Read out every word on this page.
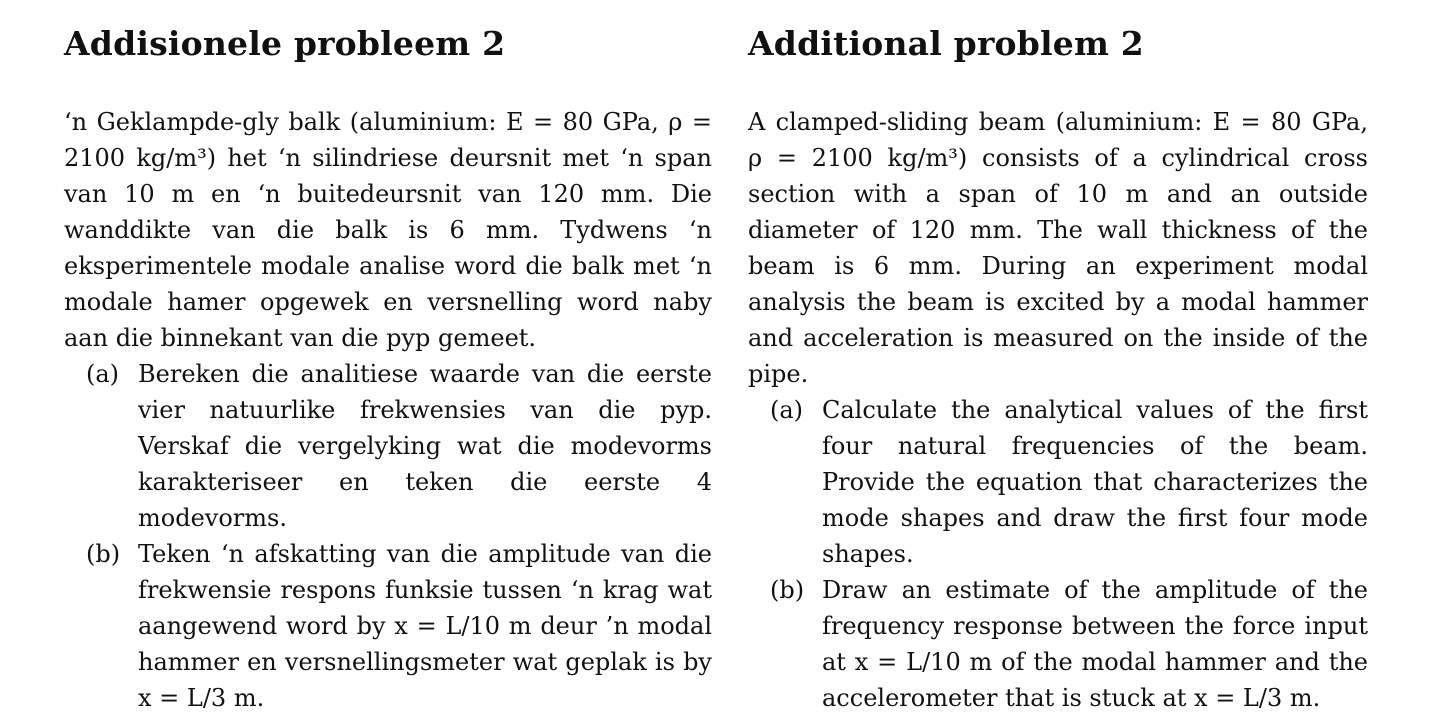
Addisionele probleem 2

‘n Geklampde-gly balk (aluminium: E = 80 GPa, ρ = 2100 kg/m³) het ‘n silindriese deursnit met ‘n span van 10 m en ‘n buitedeursnit van 120 mm. Die wanddikte van die balk is 6 mm. Tydwens ‘n eksperimentele modale analise word die balk met ‘n modale hamer opgewek en versnelling word naby aan die binnekant van die pyp gemeet.

(a) Bereken die analitiese waarde van die eerste vier natuurlike frekwensies van die pyp. Verskaf die vergelyking wat die modevorms karakteriseer en teken die eerste 4 modevorms.
(b) Teken ‘n afskatting van die amplitude van die frekwensie respons funksie tussen ‘n krag wat aangewend word by x = L/10 m deur ’n modal hammer en versnellingsmeter wat geplak is by x = L/3 m.
Additional problem 2

A clamped-sliding beam (aluminium: E = 80 GPa, ρ = 2100 kg/m³) consists of a cylindrical cross section with a span of 10 m and an outside diameter of 120 mm. The wall thickness of the beam is 6 mm. During an experiment modal analysis the beam is excited by a modal hammer and acceleration is measured on the inside of the pipe.

(a) Calculate the analytical values of the first four natural frequencies of the beam. Provide the equation that characterizes the mode shapes and draw the first four mode shapes.
(b) Draw an estimate of the amplitude of the frequency response between the force input at x = L/10 m of the modal hammer and the accelerometer that is stuck at x = L/3 m.
